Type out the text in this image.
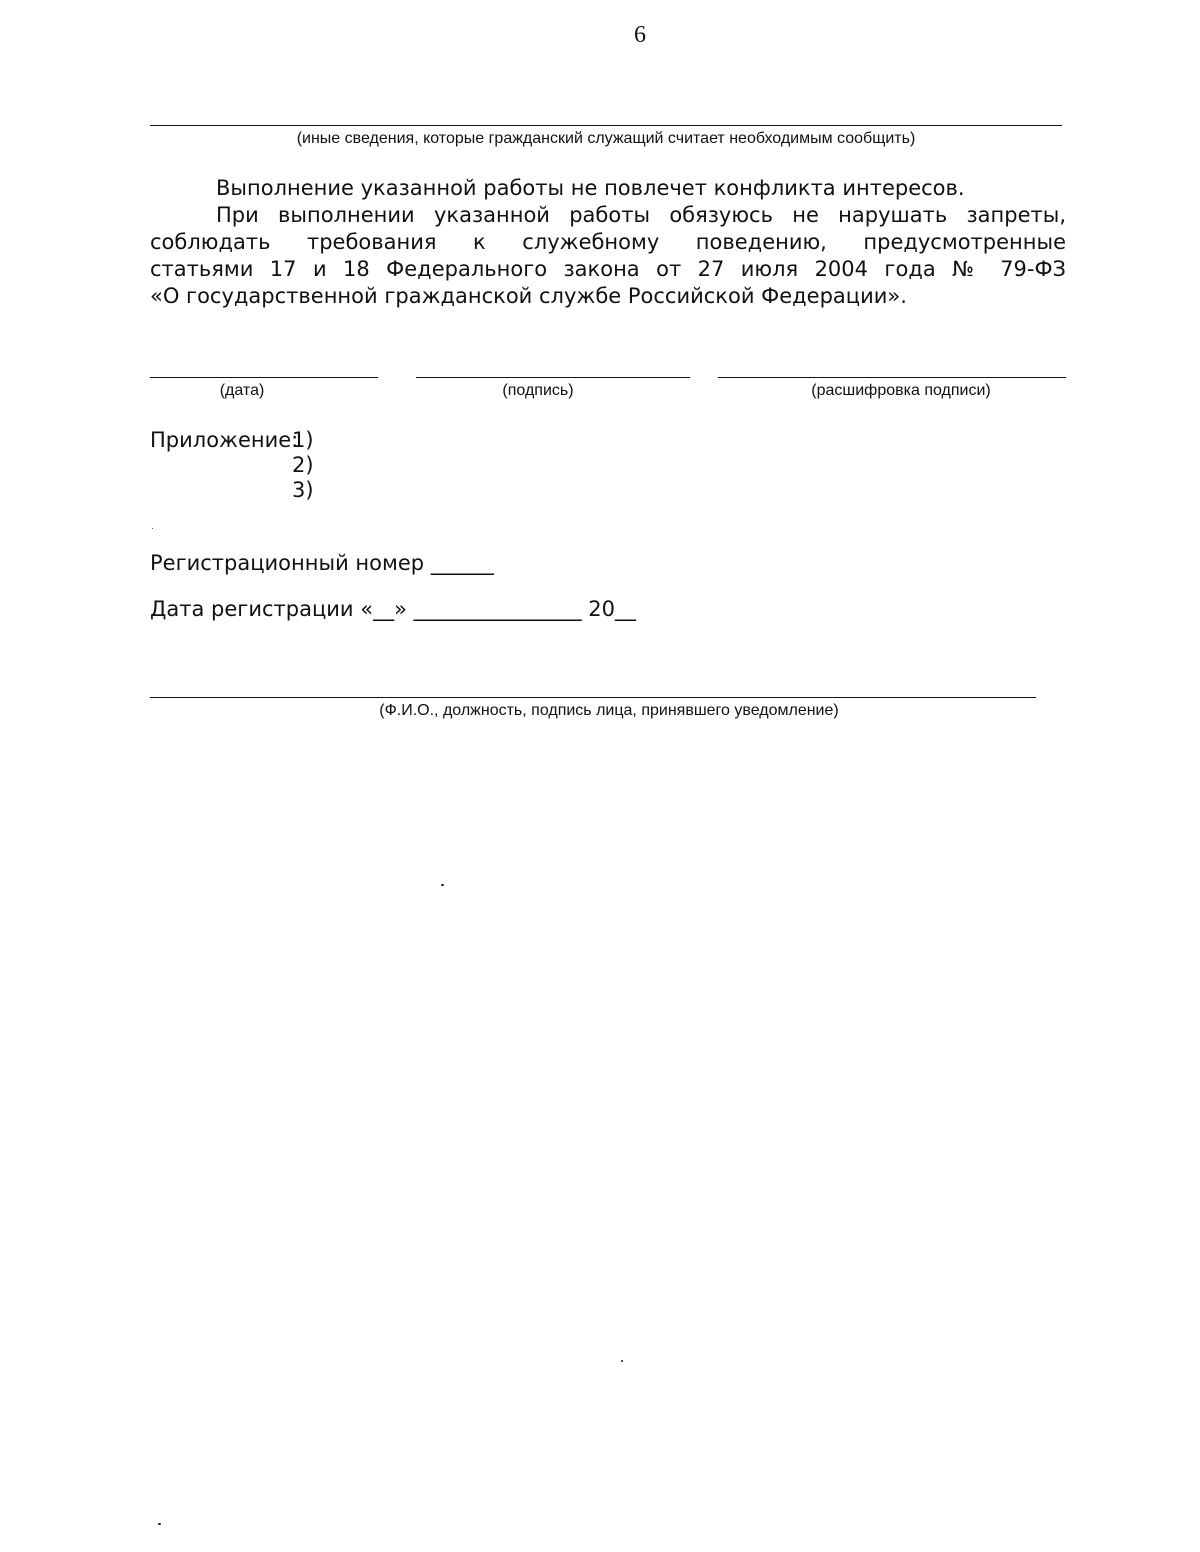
6
(иные сведения, которые гражданский служащий считает необходимым сообщить)
Выполнение указанной работы не повлечет конфликта интересов.
При выполнении указанной работы обязуюсь не нарушать запреты,
соблюдать требования к служебному поведению, предусмотренные
статьями 17 и 18 Федерального закона от 27 июля 2004 года № 79-ФЗ
«О государственной гражданской службе Российской Федерации».
(дата)	(подпись)	(расшифровка подписи)
Приложение:
1)
2)
3)
Регистрационный номер ______
Дата регистрации «__» ________________ 20__
(Ф.И.О., должность, подпись лица, принявшего уведомление)
